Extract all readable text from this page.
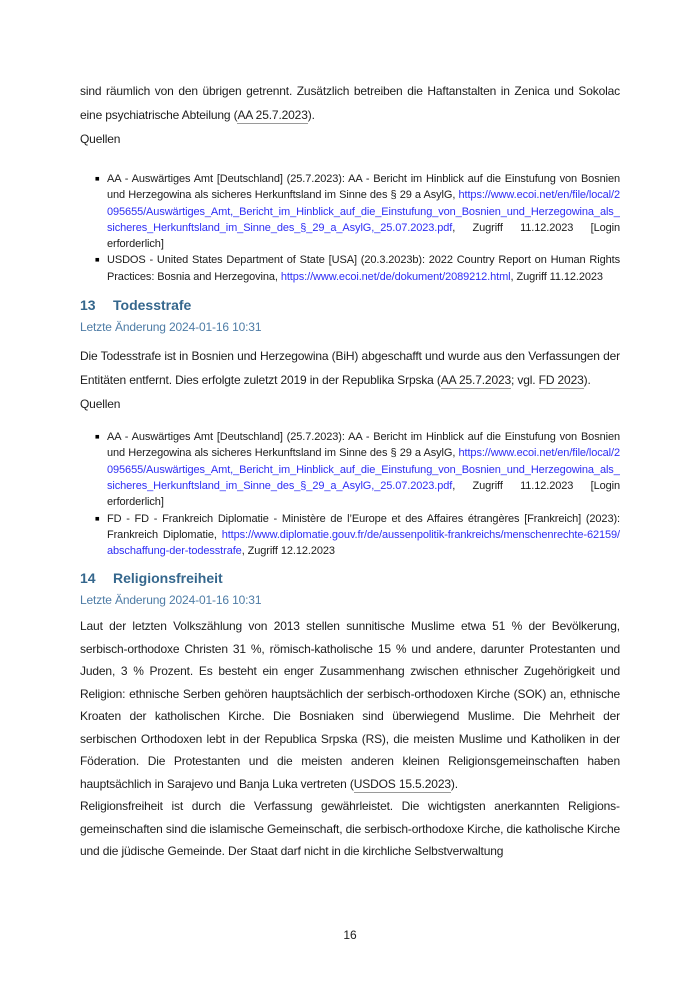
sind räumlich von den übrigen getrennt. Zusätzlich betreiben die Haftanstalten in Zenica und Sokolac eine psychiatrische Abteilung (AA 25.7.2023).

Quellen

■ AA - Auswärtiges Amt [Deutschland] (25.7.2023): AA - Bericht im Hinblick auf die Einstufung von Bosnien und Herzegowina als sicheres Herkunftsland im Sinne des § 29 a AsylG, https://www.ecoi.net/en/file/local/2095655/Auswärtiges_Amt,_Bericht_im_Hinblick_auf_die_Einstufung_von_Bosnien_und_Herzegowina_als_sicheres_Herkunftsland_im_Sinne_des_§_29_a_AsylG,_25.07.2023.pdf, Zugriff 11.12.2023 [Login erforderlich]
■ USDOS - United States Department of State [USA] (20.3.2023b): 2022 Country Report on Human Rights Practices: Bosnia and Herzegovina, https://www.ecoi.net/de/dokument/2089212.html, Zugriff 11.12.2023
13 Todesstrafe

Letzte Änderung 2024-01-16 10:31

Die Todesstrafe ist in Bosnien und Herzegowina (BiH) abgeschafft und wurde aus den Verfassungen der Entitäten entfernt. Dies erfolgte zuletzt 2019 in der Republika Srpska (AA 25.7.2023; vgl. FD 2023).

Quellen

■ AA - Auswärtiges Amt [Deutschland] (25.7.2023): AA - Bericht im Hinblick auf die Einstufung von Bosnien und Herzegowina als sicheres Herkunftsland im Sinne des § 29 a AsylG, https://www.ecoi.net/en/file/local/2095655/Auswärtiges_Amt,_Bericht_im_Hinblick_auf_die_Einstufung_von_Bosnien_und_Herzegowina_als_sicheres_Herkunftsland_im_Sinne_des_§_29_a_AsylG,_25.07.2023.pdf, Zugriff 11.12.2023 [Login erforderlich]
■ FD - FD - Frankreich Diplomatie - Ministère de l’Europe et des Affaires étrangères [Frankreich] (2023): Frankreich Diplomatie, https://www.diplomatie.gouv.fr/de/aussenpolitik-frankreichs/menschenrechte-62159/abschaffung-der-todesstrafe, Zugriff 12.12.2023
14 Religionsfreiheit

Letzte Änderung 2024-01-16 10:31

Laut der letzten Volkszählung von 2013 stellen sunnitische Muslime etwa 51 % der Bevölkerung, serbisch-orthodoxe Christen 31 %, römisch-katholische 15 % und andere, darunter Protestanten und Juden, 3 % Prozent. Es besteht ein enger Zusammenhang zwischen ethnischer Zugehörigkeit und Religion: ethnische Serben gehören hauptsächlich der serbisch-orthodoxen Kirche (SOK) an, ethnische Kroaten der katholischen Kirche. Die Bosniaken sind überwiegend Muslime. Die Mehrheit der serbischen Orthodoxen lebt in der Republica Srpska (RS), die meisten Muslime und Katholiken in der Föderation. Die Protestanten und die meisten anderen kleinen Religionsgemeinschaften haben hauptsächlich in Sarajevo und Banja Luka vertreten (USDOS 15.5.2023).

Religionsfreiheit ist durch die Verfassung gewährleistet. Die wichtigsten anerkannten Religionsgemeinschaften sind die islamische Gemeinschaft, die serbisch-orthodoxe Kirche, die katholische Kirche und die jüdische Gemeinde. Der Staat darf nicht in die kirchliche Selbstverwaltung

16
